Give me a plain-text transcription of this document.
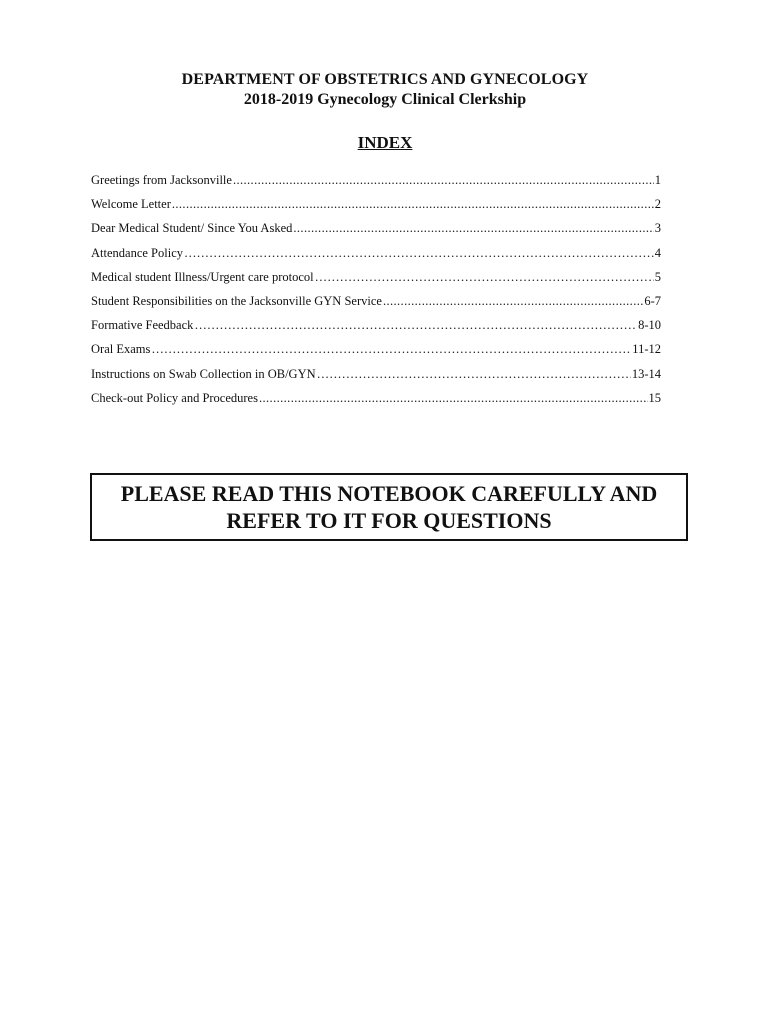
DEPARTMENT OF OBSTETRICS AND GYNECOLOGY
2018-2019 Gynecology Clinical Clerkship
INDEX
Greetings from Jacksonville .....	1
Welcome Letter .....	2
Dear Medical Student/ Since You Asked .....	3
Attendance Policy …………………………………………………………………………………………………………………………………………………………………………………………	4
Medical student Illness/Urgent care protocol …………………………………………………………………………………………………………………………………………………………………………………………	5
Student Responsibilities on the Jacksonville GYN Service .....	6-7
Formative Feedback …………………………………………………………………………………………………………………………………………………………………………………………	8-10
Oral Exams …………………………………………………………………………………………………………………………………………………………………………………………	11-12
Instructions on Swab Collection in OB/GYN …………………………………………………………………………………………………………………………………………………………………………………………	13-14
Check-out Policy and Procedures .....	15
PLEASE READ THIS NOTEBOOK CAREFULLY AND
REFER TO IT FOR QUESTIONS
